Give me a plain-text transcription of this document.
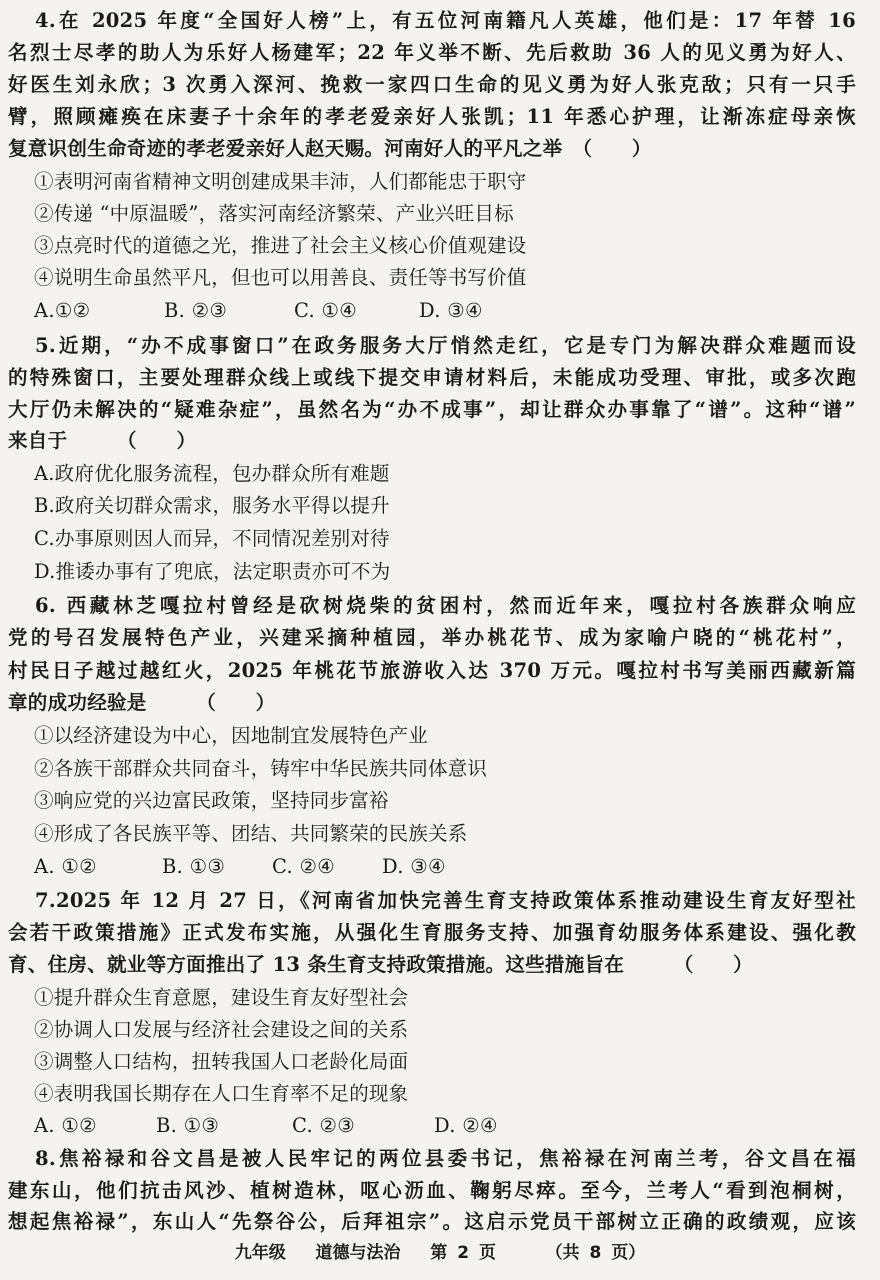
4.在 2025 年度“全国好人榜”上，有五位河南籍凡人英雄，他们是：17 年替 16
名烈士尽孝的助人为乐好人杨建军；22 年义举不断、先后救助 36 人的见义勇为好人、
好医生刘永欣；3 次勇入深河、挽救一家四口生命的见义勇为好人张克敌；只有一只手
臂，照顾瘫痪在床妻子十余年的孝老爱亲好人张凯；11 年悉心护理，让渐冻症母亲恢
复意识创生命奇迹的孝老爱亲好人赵天赐。河南好人的平凡之举　（　　）
①表明河南省精神文明创建成果丰沛，人们都能忠于职守
②传递 “中原温暖”，落实河南经济繁荣、产业兴旺目标
③点亮时代的道德之光，推进了社会主义核心价值观建设
④说明生命虽然平凡，但也可以用善良、责任等书写价值
A.①②	B. ②③	C. ①④	D. ③④
5.近期，“办不成事窗口”在政务服务大厅悄然走红，它是专门为解决群众难题而设
的特殊窗口，主要处理群众线上或线下提交申请材料后，未能成功受理、审批，或多次跑
大厅仍未解决的“疑难杂症”，虽然名为“办不成事”，却让群众办事靠了“谱”。这种“谱”
来自于　　　（　　）
A.政府优化服务流程，包办群众所有难题
B.政府关切群众需求，服务水平得以提升
C.办事原则因人而异，不同情况差别对待
D.推诿办事有了兜底，法定职责亦可不为
6. 西藏林芝嘎拉村曾经是砍树烧柴的贫困村，然而近年来，嘎拉村各族群众响应
党的号召发展特色产业，兴建采摘种植园，举办桃花节、成为家喻户晓的“桃花村”，
村民日子越过越红火，2025 年桃花节旅游收入达 370 万元。嘎拉村书写美丽西藏新篇
章的成功经验是　　　（　　）
①以经济建设为中心，因地制宜发展特色产业
②各族干部群众共同奋斗，铸牢中华民族共同体意识
③响应党的兴边富民政策，坚持同步富裕
④形成了各民族平等、团结、共同繁荣的民族关系
A. ①②	B. ①③ C. ②④ D. ③④
7.2025 年 12 月 27 日，《河南省加快完善生育支持政策体系推动建设生育友好型社
会若干政策措施》正式发布实施，从强化生育服务支持、加强育幼服务体系建设、强化教
育、住房、就业等方面推出了 13 条生育支持政策措施。这些措施旨在　　　（　　）
①提升群众生育意愿，建设生育友好型社会
②协调人口发展与经济社会建设之间的关系
③调整人口结构，扭转我国人口老龄化局面
④表明我国长期存在人口生育率不足的现象
A. ①②	B. ①③	C. ②③	D. ②④
8.焦裕禄和谷文昌是被人民牢记的两位县委书记，焦裕禄在河南兰考，谷文昌在福
建东山，他们抗击风沙、植树造林，呕心沥血、鞠躬尽瘁。至今，兰考人“看到泡桐树，
想起焦裕禄”，东山人“先祭谷公，后拜祖宗”。这启示党员干部树立正确的政绩观，应该
九年级 道德与法治 第 2 页	（共 8 页）
